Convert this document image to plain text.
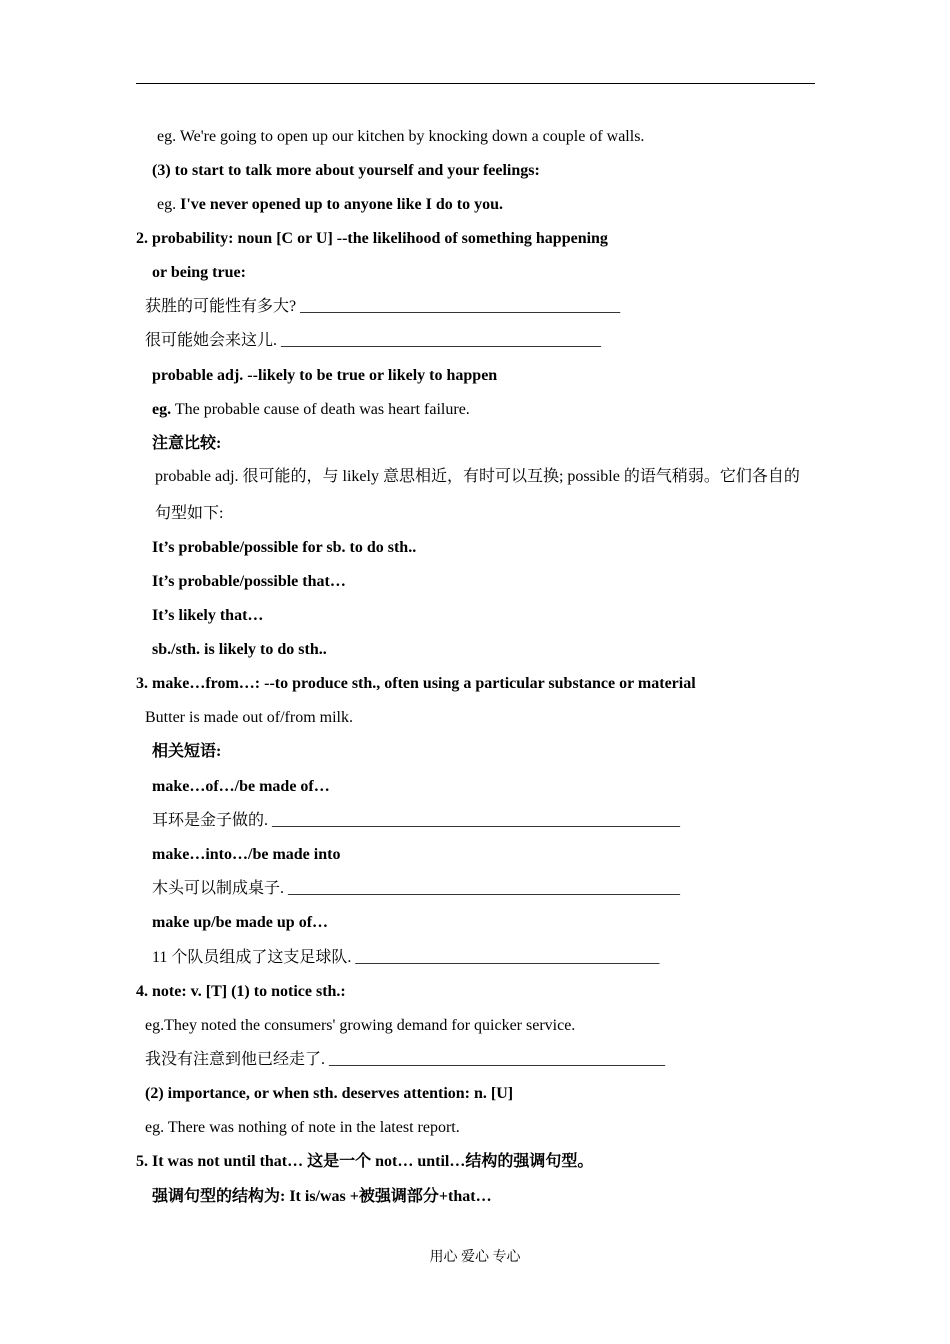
eg. We're going to open up our kitchen by knocking down a couple of walls.
(3) to start to talk more about yourself and your feelings:
eg. I've never opened up to anyone like I do to you.
2. probability: noun [C or U] --the likelihood of something happening
or being true:
获胜的可能性有多大? ________________________________________
很可能她会来这儿. ________________________________________
probable adj. --likely to be true or likely to happen
eg. The probable cause of death was heart failure.
注意比较:
probable adj. 很可能的，与 likely 意思相近，有时可以互换; possible 的语气稍弱。它们各自的
句型如下:
It’s probable/possible for sb. to do sth..
It’s probable/possible that…
It’s likely that…
sb./sth. is likely to do sth..
3. make…from…: --to produce sth., often using a particular substance or material
Butter is made out of/from milk.
相关短语:
make…of…/be made of…
耳环是金子做的. ___________________________________________________
make…into…/be made into
木头可以制成桌子. _________________________________________________
make up/be made up of…
11 个队员组成了这支足球队. ______________________________________
4. note: v. [T] (1) to notice sth.:
eg.They noted the consumers' growing demand for quicker service.
我没有注意到他已经走了. __________________________________________
(2) importance, or when sth. deserves attention: n. [U]
eg. There was nothing of note in the latest report.
5. It was not until that… 这是一个 not… until…结构的强调句型。
强调句型的结构为: It is/was +被强调部分+that…
用心 爱心 专心
